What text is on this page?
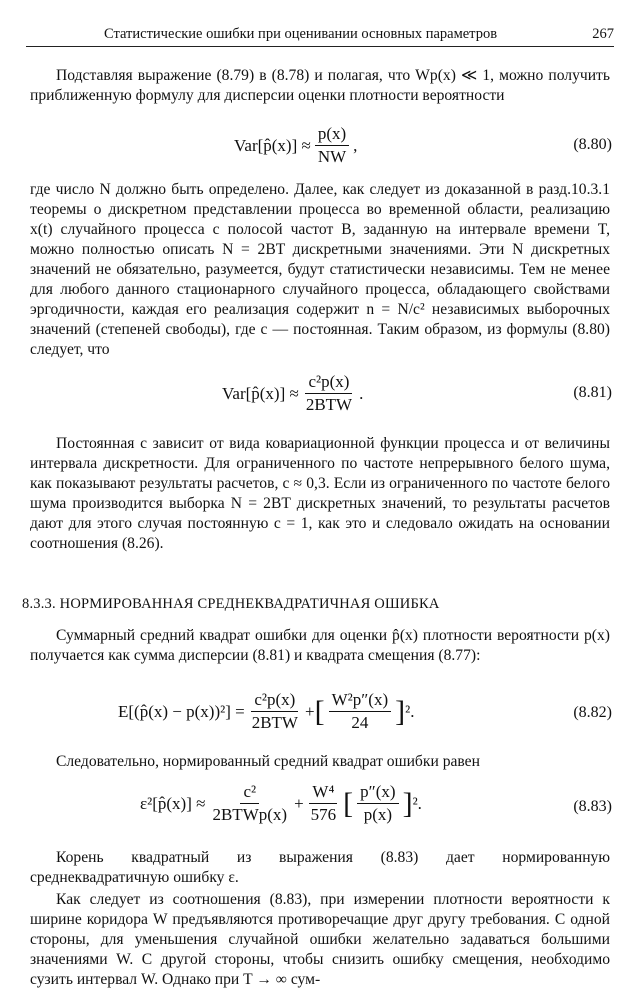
Статистические ошибки при оценивании основных параметров	267
Подставляя выражение (8.79) в (8.78) и полагая, что Wp(x) ≪ 1, можно получить приближенную формулу для дисперсии оценки плотности вероятности
Var[p̂(x)] ≈ $\frac{p(x)}{NW}$ ,	(8.80)
где число N должно быть определено. Далее, как следует из доказанной в разд.10.3.1 теоремы о дискретном представлении процесса во временной области, реализацию x(t) случайного процесса с полосой частот B, заданную на интервале времени T, можно полностью описать N = 2BT дискретными значениями. Эти N дискретных значений не обязательно, разумеется, будут статистически независимы. Тем не менее для любого данного стационарного случайного процесса, обладающего свойствами эргодичности, каждая его реализация содержит n = N/c² независимых выборочных значений (степеней свободы), где c — постоянная. Таким образом, из формулы (8.80) следует, что
Var[p̂(x)] ≈ $\frac{\text{c²p(x)}}{\text{2BTW}}$ .	(8.81)
Постоянная c зависит от вида ковариационной функции процесса и от величины интервала дискретности. Для ограниченного по частоте непрерывного белого шума, как показывают результаты расчетов, c ≈ 0,3. Если из ограниченного по частоте белого шума производится выборка N = 2BT дискретных значений, то результаты расчетов дают для этого случая постоянную c = 1, как это и следовало ожидать на основании соотношения (8.26).
8.3.3. НОРМИРОВАННАЯ СРЕДНЕКВАДРАТИЧНАЯ ОШИБКА
Суммарный средний квадрат ошибки для оценки p̂(x) плотности вероятности p(x) получается как сумма дисперсии (8.81) и квадрата смещения (8.77):
E[(p̂(x) − $p(x))^2] = \frac{\text{c²p(x)}}{\text{2BTW}}$ + [ $\frac{\text{W²p″(x)}}{24}$ ] ².	(8.82)
Следовательно, нормированный средний квадрат ошибки равен
ε²[p̂(x)] ≈ $\frac{\text{c²}}{\text{2BTWp(x)}} + \frac{\text{W⁴}}{576}$ [ $\frac{p''(x)}{p(x)}$ ] ².	(8.83)
Корень квадратный из выражения (8.83) дает нормированную среднеквадратичную ошибку ε.
Как следует из соотношения (8.83), при измерении плотности вероятности к ширине коридора W предъявляются противоречащие друг другу требования. С одной стороны, для уменьшения случайной ошибки желательно задаваться большими значениями W. С другой стороны, чтобы снизить ошибку смещения, необходимо сузить интервал W. Однако при T → ∞ сум-
